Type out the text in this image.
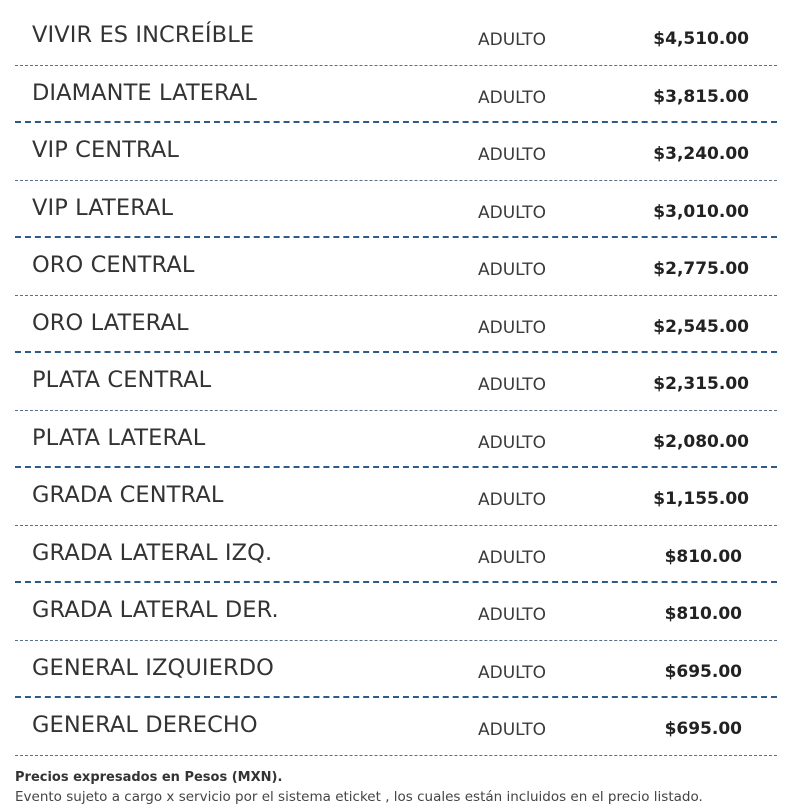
VIVIR ES INCREÍBLE	ADULTO	$4,510.00
DIAMANTE LATERAL	ADULTO	$3,815.00
VIP CENTRAL	ADULTO	$3,240.00
VIP LATERAL	ADULTO	$3,010.00
ORO CENTRAL	ADULTO	$2,775.00
ORO LATERAL	ADULTO	$2,545.00
PLATA CENTRAL	ADULTO	$2,315.00
PLATA LATERAL	ADULTO	$2,080.00
GRADA CENTRAL	ADULTO	$1,155.00
GRADA LATERAL IZQ.	ADULTO	$810.00
GRADA LATERAL DER.	ADULTO	$810.00
GENERAL IZQUIERDO	ADULTO	$695.00
GENERAL DERECHO	ADULTO	$695.00
Precios expresados en Pesos (MXN).
Evento sujeto a cargo x servicio por el sistema eticket , los cuales están incluidos en el precio listado.
